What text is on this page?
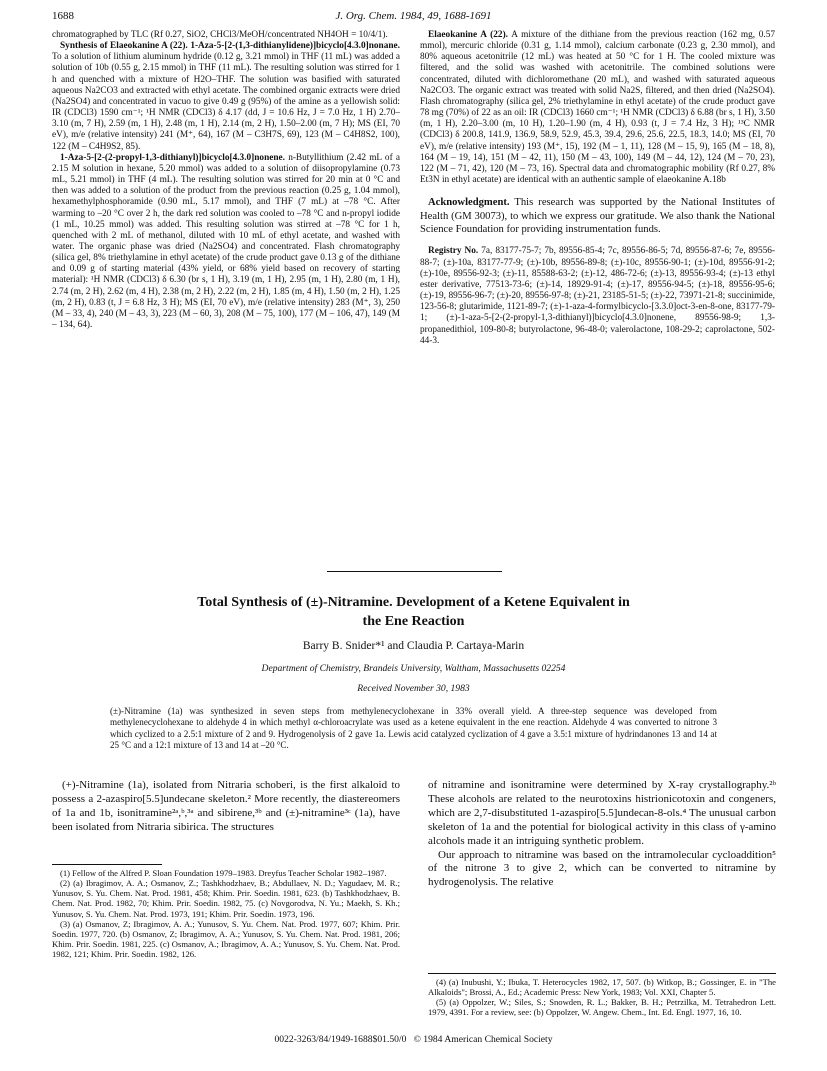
1688	J. Org. Chem. 1984, 49, 1688-1691

chromatographed by TLC (Rf 0.27, SiO2, CHCl3/MeOH/concentrated NH4OH = 10/4/1).

Synthesis of Elaeokanine A (22). 1-Aza-5-[2-(1,3-dithianylidene)]bicyclo[4.3.0]nonane. To a solution of lithium aluminum hydride (0.12 g, 3.21 mmol) in THF (11 mL) was added a solution of 10b (0.55 g, 2.15 mmol) in THF (11 mL). The resulting solution was stirred for 1 h and quenched with a mixture of H2O–THF. The solution was basified with saturated aqueous Na2CO3 and extracted with ethyl acetate. The combined organic extracts were dried (Na2SO4) and concentrated in vacuo to give 0.49 g (95%) of the amine as a yellowish solid: IR (CDCl3) 1590 cm⁻¹; ¹H NMR (CDCl3) δ 4.17 (dd, J = 10.6 Hz, J = 7.0 Hz, 1 H) 2.70–3.10 (m, 7 H), 2.59 (m, 1 H), 2.48 (m, 1 H), 2.14 (m, 2 H), 1.50–2.00 (m, 7 H); MS (EI, 70 eV), m/e (relative intensity) 241 (M⁺, 64), 167 (M – C3H7S, 69), 123 (M – C4H8S2, 100), 122 (M – C4H9S2, 85).

1-Aza-5-[2-(2-propyl-1,3-dithianyl)]bicyclo[4.3.0]nonene. n-Butyllithium (2.42 mL of a 2.15 M solution in hexane, 5.20 mmol) was added to a solution of diisopropylamine (0.73 mL, 5.21 mmol) in THF (4 mL). The resulting solution was stirred for 20 min at 0 °C and then was added to a solution of the product from the previous reaction (0.25 g, 1.04 mmol), hexamethylphosphoramide (0.90 mL, 5.17 mmol), and THF (7 mL) at –78 °C. After warming to –20 °C over 2 h, the dark red solution was cooled to –78 °C and n-propyl iodide (1 mL, 10.25 mmol) was added. This resulting solution was stirred at –78 °C for 1 h, quenched with 2 mL of methanol, diluted with 10 mL of ethyl acetate, and washed with water. The organic phase was dried (Na2SO4) and concentrated. Flash chromatography (silica gel, 8% triethylamine in ethyl acetate) of the crude product gave 0.13 g of the dithiane and 0.09 g of starting material (43% yield, or 68% yield based on recovery of starting material): ¹H NMR (CDCl3) δ 6.30 (br s, 1 H), 3.19 (m, 1 H), 2.95 (m, 1 H), 2.80 (m, 1 H), 2.74 (m, 2 H), 2.62 (m, 4 H), 2.38 (m, 2 H), 2.22 (m, 2 H), 1.85 (m, 4 H), 1.50 (m, 2 H), 1.25 (m, 2 H), 0.83 (t, J = 6.8 Hz, 3 H); MS (EI, 70 eV), m/e (relative intensity) 283 (M⁺, 3), 250 (M – 33, 4), 240 (M – 43, 3), 223 (M – 60, 3), 208 (M – 75, 100), 177 (M – 106, 47), 149 (M – 134, 64).

Elaeokanine A (22). A mixture of the dithiane from the previous reaction (162 mg, 0.57 mmol), mercuric chloride (0.31 g, 1.14 mmol), calcium carbonate (0.23 g, 2.30 mmol), and 80% aqueous acetonitrile (12 mL) was heated at 50 °C for 1 H. The cooled mixture was filtered, and the solid was washed with acetonitrile. The combined solutions were concentrated, diluted with dichloromethane (20 mL), and washed with saturated aqueous Na2CO3. The organic extract was treated with solid Na2S, filtered, and then dried (Na2SO4). Flash chromatography (silica gel, 2% triethylamine in ethyl acetate) of the crude product gave 78 mg (70%) of 22 as an oil: IR (CDCl3) 1660 cm⁻¹; ¹H NMR (CDCl3) δ 6.88 (br s, 1 H), 3.50 (m, 1 H), 2.20–3.00 (m, 10 H), 1.20–1.90 (m, 4 H), 0.93 (t, J = 7.4 Hz, 3 H); ¹³C NMR (CDCl3) δ 200.8, 141.9, 136.9, 58.9, 52.9, 45.3, 39.4, 29.6, 25.6, 22.5, 18.3, 14.0; MS (EI, 70 eV), m/e (relative intensity) 193 (M⁺, 15), 192 (M – 1, 11), 128 (M – 15, 9), 165 (M – 18, 8), 164 (M – 19, 14), 151 (M – 42, 11), 150 (M – 43, 100), 149 (M – 44, 12), 124 (M – 70, 23), 122 (M – 71, 42), 120 (M – 73, 16). Spectral data and chromatographic mobility (Rf 0.27, 8% Et3N in ethyl acetate) are identical with an authentic sample of elaeokanine A.18b

Acknowledgment. This research was supported by the National Institutes of Health (GM 30073), to which we express our gratitude. We also thank the National Science Foundation for providing instrumentation funds.

Registry No. 7a, 83177-75-7; 7b, 89556-85-4; 7c, 89556-86-5; 7d, 89556-87-6; 7e, 89556-88-7; (±)-10a, 83177-77-9; (±)-10b, 89556-89-8; (±)-10c, 89556-90-1; (±)-10d, 89556-91-2; (±)-10e, 89556-92-3; (±)-11, 85588-63-2; (±)-12, 486-72-6; (±)-13, 89556-93-4; (±)-13 ethyl ester derivative, 77513-73-6; (±)-14, 18929-91-4; (±)-17, 89556-94-5; (±)-18, 89556-95-6; (±)-19, 89556-96-7; (±)-20, 89556-97-8; (±)-21, 23185-51-5; (±)-22, 73971-21-8; succinimide, 123-56-8; glutarimide, 1121-89-7; (±)-1-aza-4-formylbicyclo-[3.3.0]oct-3-en-8-one, 83177-79-1; (±)-1-aza-5-[2-(2-propyl-1,3-dithianyl)]bicyclo[4.3.0]nonene, 89556-98-9; 1,3-propanedithiol, 109-80-8; butyrolactone, 96-48-0; valerolactone, 108-29-2; caprolactone, 502-44-3.

Total Synthesis of (±)-Nitramine. Development of a Ketene Equivalent in
the Ene Reaction
Barry B. Snider*¹ and Claudia P. Cartaya-Marin
Department of Chemistry, Brandeis University, Waltham, Massachusetts 02254
Received November 30, 1983
(±)-Nitramine (1a) was synthesized in seven steps from methylenecyclohexane in 33% overall yield. A three-step sequence was developed from methylenecyclohexane to aldehyde 4 in which methyl α-chloroacrylate was used as a ketene equivalent in the ene reaction. Aldehyde 4 was converted to nitrone 3 which cyclized to a 2.5:1 mixture of 2 and 9. Hydrogenolysis of 2 gave 1a. Lewis acid catalyzed cyclization of 4 gave a 3.5:1 mixture of hydrindanones 13 and 14 at 25 °C and a 12:1 mixture of 13 and 14 at –20 °C.

(+)-Nitramine (1a), isolated from Nitraria schoberi, is the first alkaloid to possess a 2-azaspiro[5.5]undecane skeleton.² More recently, the diastereomers of 1a and 1b, isonitramine²ᵃ,ᵇ,³ᵃ and sibirene,³ᵇ and (±)-nitramine³ᶜ (1a), have been isolated from Nitraria sibirica. The structures

of nitramine and isonitramine were determined by X-ray crystallography.²ᵇ These alcohols are related to the neurotoxins histrionicotoxin and congeners, which are 2,7-disubstituted 1-azaspiro[5.5]undecan-8-ols.⁴ The unusual carbon skeleton of 1a and the potential for biological activity in this class of γ-amino alcohols made it an intriguing synthetic problem.

Our approach to nitramine was based on the intramolecular cycloaddition⁵ of the nitrone 3 to give 2, which can be converted to nitramine by hydrogenolysis. The relative

(1) Fellow of the Alfred P. Sloan Foundation 1979–1983. Dreyfus Teacher Scholar 1982–1987.

(2) (a) Ibragimov, A. A.; Osmanov, Z.; Tashkhodzhaev, B.; Abdullaev, N. D.; Yagudaev, M. R.; Yunusov, S. Yu. Chem. Nat. Prod. 1981, 458; Khim. Prir. Soedin. 1981, 623. (b) Tashkhodzhaev, B. Chem. Nat. Prod. 1982, 70; Khim. Prir. Soedin. 1982, 75. (c) Novgorodva, N. Yu.; Maekh, S. Kh.; Yunusov, S. Yu. Chem. Nat. Prod. 1973, 191; Khim. Prir. Soedin. 1973, 196.

(3) (a) Osmanov, Z; Ibragimov, A. A.; Yunusov, S. Yu. Chem. Nat. Prod. 1977, 607; Khim. Prir. Soedin. 1977, 720. (b) Osmanov, Z; Ibragimov, A. A.; Yunusov, S. Yu. Chem. Nat. Prod. 1981, 206; Khim. Prir. Soedin. 1981, 225. (c) Osmanov, A.; Ibragimov, A. A.; Yunusov, S. Yu. Chem. Nat. Prod. 1982, 121; Khim. Prir. Soedin. 1982, 126.

(4) (a) Inubushi, Y.; Ibuka, T. Heterocycles 1982, 17, 507. (b) Witkop, B.; Gossinger, E. in "The Alkaloids"; Brossi, A., Ed.; Academic Press: New York, 1983; Vol. XXI, Chapter 5.

(5) (a) Oppolzer, W.; Siles, S.; Snowden, R. L.; Bakker, B. H.; Petrzilka, M. Tetrahedron Lett. 1979, 4391. For a review, see: (b) Oppolzer, W. Angew. Chem., Int. Ed. Engl. 1977, 16, 10.

0022-3263/84/1949-1688$01.50/0 © 1984 American Chemical Society
